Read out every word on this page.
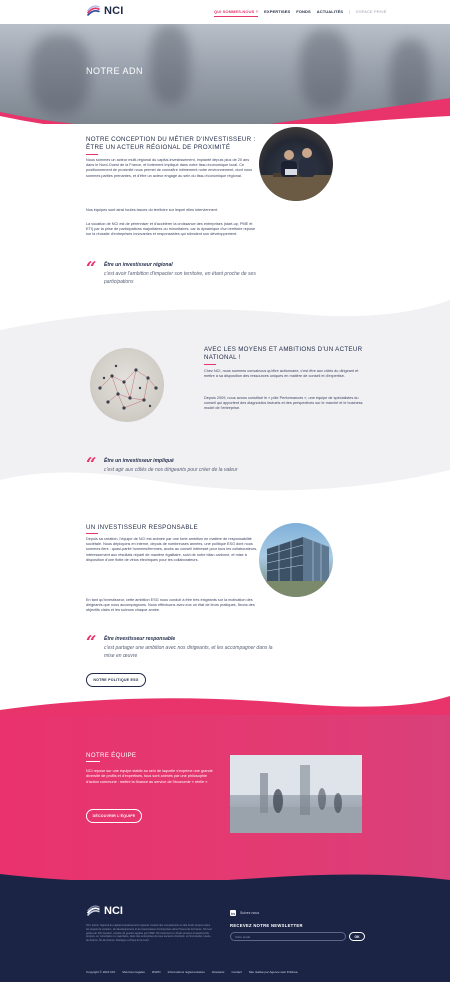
NCI	QUI SOMMES-NOUS ? EXPERTISES FONDS ACTUALITÉS | ESPACE PRIVÉ
NOTRE ADN
NOTRE CONCEPTION DU MÉTIER D'INVESTISSEUR :
ÊTRE UN ACTEUR RÉGIONAL DE PROXIMITÉ

Nous sommes un acteur multi-régional du capital-investissement, implanté depuis plus de 20 ans dans le Nord-Ouest de la France, et fortement impliqué dans notre tissu économique local. Ce positionnement de proximité nous permet de connaître intimement notre environnement, dont nous sommes parties prenantes, et d'être un acteur engagé au sein du tissu économique régional.

Nos équipes sont ainsi toutes issues du territoire sur lequel elles interviennent.

La vocation de NCI est de pérenniser et d'accélérer la croissance des entreprises (start-up, PME et ETI) par la prise de participations majoritaires ou minoritaires, car la dynamique d'un territoire repose sur la réussite d'entreprises innovantes et responsables qui stimulent son développement.

“ Être un investisseur régional
c'est avoir l'ambition d'impacter son territoire, en étant proche de ses
participations
AVEC LES MOYENS ET AMBITIONS D'UN ACTEUR
NATIONAL !

Chez NCI, nous sommes convaincus qu'être actionnaire, c'est être aux côtés du dirigeant et mettre à sa disposition des ressources uniques en matière de conseil et d'expertise.

Depuis 2009, nous avons constitué le « pôle Performances », une équipe de spécialistes du conseil qui apportent des diagnostics factuels et des perspectives sur le marché et le business model de l'entreprise.

“ Être un investisseur impliqué
c'est agir aux côtés de nos dirigeants pour créer de la valeur
UN INVESTISSEUR RESPONSABLE

Depuis sa création, l'équipe de NCI est animée par une forte ambition en matière de responsabilité sociétale. Nous déployons en interne, depuis de nombreuses années, une politique ESG dont nous sommes fiers : quasi-parité hommes/femmes, accès au conseil intéressé pour tous les collaborateurs, intéressement aux résultats réparti de manière égalitaire, suivi de notre bilan carbone, et mise à disposition d'une flotte de vélos électriques pour les collaborateurs.

En tant qu'investisseur, cette ambition ESG nous conduit à être très exigeants sur la motivation des dirigeants que nous accompagnons. Nous effectuons avec eux un état de leurs pratiques, fixons des objectifs clairs et les suivons chaque année.

“ Être investisseur responsable
c'est partager une ambition avec nos dirigeants, et les accompagner dans la
mise en œuvre
NOTRE POLITIQUE ESG
NOTRE ÉQUIPE
NCI repose sur une équipe stable au sein de laquelle s'exprime une grande diversité de profils et d'expertises, tous sont animés par une philosophie d'action commune : mettre la finance au service de l'économie « réelle ».
DÉCOUVRIR L'ÉQUIPE
NCI
NCI, acteur régional du capital-investissement régional, investit des compétences et des fonds propres dans les projets de création, de développement et de transmission d'entreprises dans l'Ouest de la France. NCI est gérée par NCI Gestion, société de gestion agréée par l'AMF. NCI intervient en fonds propres et quasi-fonds propres, en minoritaire ou majoritaire, dans des entreprises de tous secteurs d'activité, en Normandie, Hauts-de-France, Île-de-France, Bretagne et Pays de la Loire.
in	Suivez nous
RECEVEZ NOTRE NEWSLETTER
Votre email	OK
Copyright © 2024 NCI Mentions légales RGPD Informations réglementaires Glossaire Contact Site réalisé par Agence web Pollinéa
